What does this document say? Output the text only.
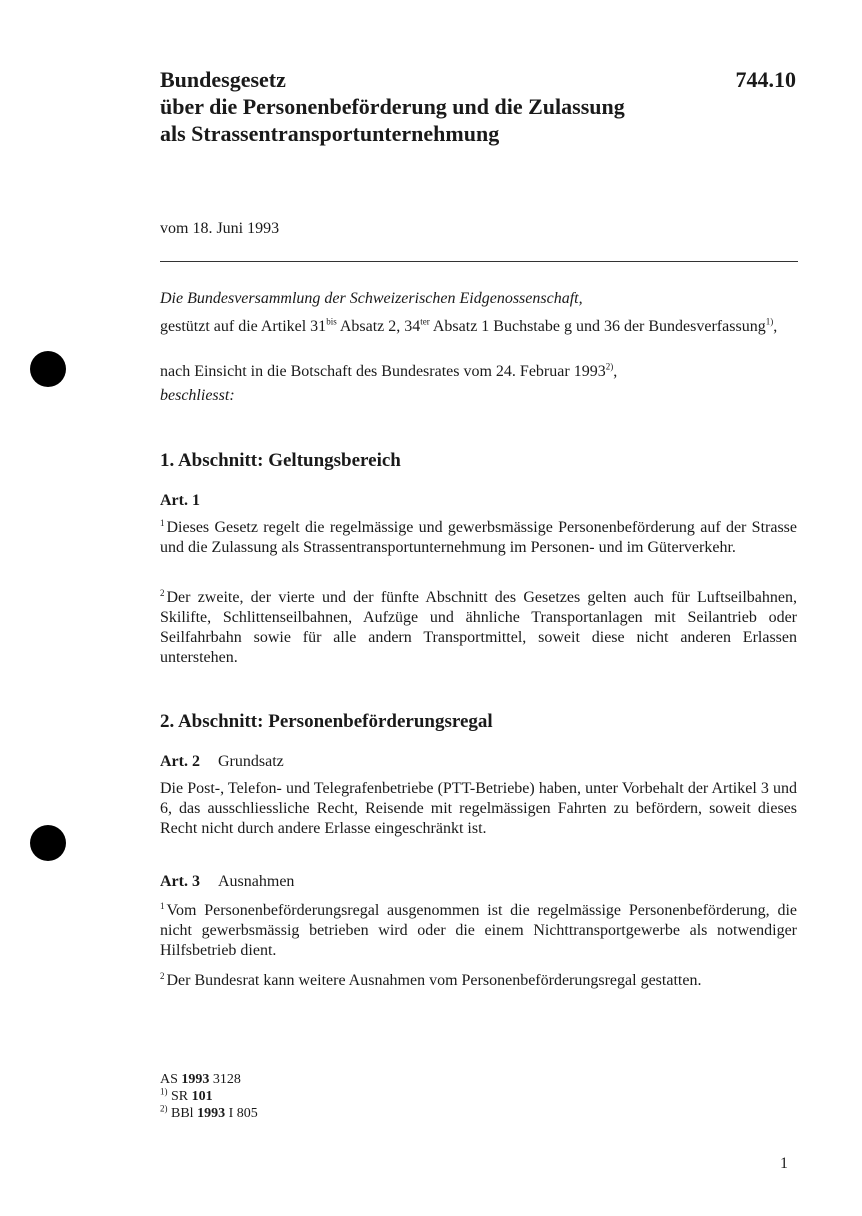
Bundesgesetz
über die Personenbeförderung und die Zulassung
als Strassentransportunternehmung
744.10
vom 18. Juni 1993
Die Bundesversammlung der Schweizerischen Eidgenossenschaft,
gestützt auf die Artikel $31^{bis}$ Absatz 2, $34^{ter}$ Absatz 1 Buchstabe g und 36 der Bundesverfassung$^{1)}$,
nach Einsicht in die Botschaft des Bundesrates vom 24. Februar 1993$^{2)}$,
beschliesst:
1. Abschnitt: Geltungsbereich
Art. 1
$^1$ Dieses Gesetz regelt die regelmässige und gewerbsmässige Personenbeförderung auf der Strasse und die Zulassung als Strassentransportunternehmung im Personen- und im Güterverkehr.
$^2$ Der zweite, der vierte und der fünfte Abschnitt des Gesetzes gelten auch für Luftseilbahnen, Skilifte, Schlittenseilbahnen, Aufzüge und ähnliche Transportanlagen mit Seilantrieb oder Seilfahrbahn sowie für alle andern Transportmittel, soweit diese nicht anderen Erlassen unterstehen.
2. Abschnitt: Personenbeförderungsregal
Art. 2 Grundsatz
Die Post-, Telefon- und Telegrafenbetriebe (PTT-Betriebe) haben, unter Vorbehalt der Artikel 3 und 6, das ausschliessliche Recht, Reisende mit regelmässigen Fahrten zu befördern, soweit dieses Recht nicht durch andere Erlasse eingeschränkt ist.
Art. 3 Ausnahmen
$^1$ Vom Personenbeförderungsregal ausgenommen ist die regelmässige Personenbeförderung, die nicht gewerbsmässig betrieben wird oder die einem Nichttransportgewerbe als notwendiger Hilfsbetrieb dient.
$^2$ Der Bundesrat kann weitere Ausnahmen vom Personenbeförderungsregal gestatten.
AS 1993 3128
$^{1)}$ SR 101
$^{2)}$ BBl 1993 I 805
1
